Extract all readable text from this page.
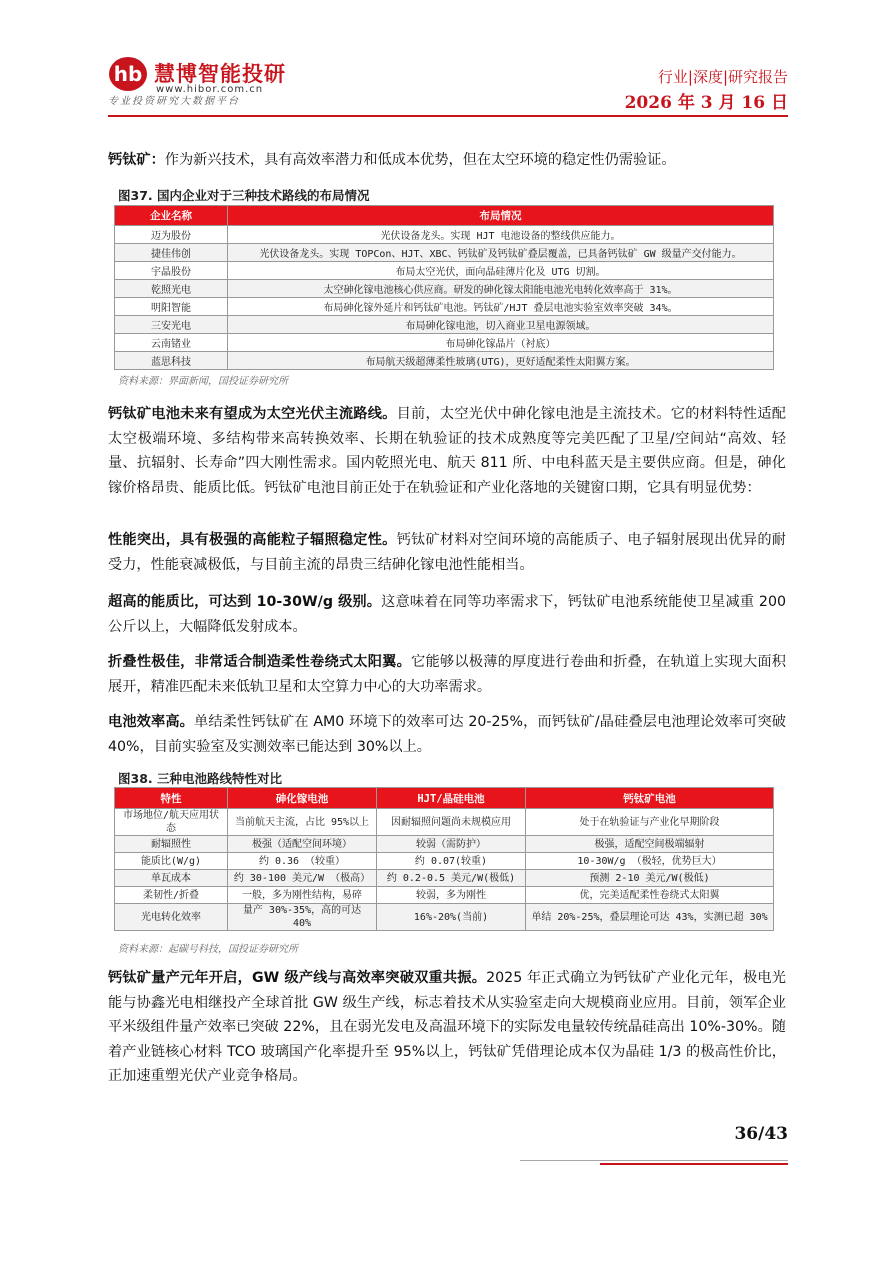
hb 慧博智能投研
www.hibor.com.cn
专业投资研究大数据平台
行业|深度|研究报告
2026 年 3 月 16 日
钙钛矿：作为新兴技术，具有高效率潜力和低成本优势，但在太空环境的稳定性仍需验证。
图37. 国内企业对于三种技术路线的布局情况
企业名称	布局情况
迈为股份	光伏设备龙头。实现 HJT 电池设备的整线供应能力。
捷佳伟创	光伏设备龙头。实现 TOPCon、HJT、XBC、钙钛矿及钙钛矿叠层覆盖，已具备钙钛矿 GW 级量产交付能力。
宇晶股份	布局太空光伏，面向晶硅薄片化及 UTG 切割。
乾照光电	太空砷化镓电池核心供应商。研发的砷化镓太阳能电池光电转化效率高于 31%。
明阳智能	布局砷化镓外延片和钙钛矿电池。钙钛矿/HJT 叠层电池实验室效率突破 34%。
三安光电	布局砷化镓电池，切入商业卫星电源领域。
云南锗业	布局砷化镓晶片（衬底）
蓝思科技	布局航天级超薄柔性玻璃(UTG)，更好适配柔性太阳翼方案。
资料来源：界面新闻，国投证券研究所
钙钛矿电池未来有望成为太空光伏主流路线。目前，太空光伏中砷化镓电池是主流技术。它的材料特性适配太空极端环境、多结构带来高转换效率、长期在轨验证的技术成熟度等完美匹配了卫星/空间站“高效、轻量、抗辐射、长寿命”四大刚性需求。国内乾照光电、航天 811 所、中电科蓝天是主要供应商。但是，砷化镓价格昂贵、能质比低。钙钛矿电池目前正处于在轨验证和产业化落地的关键窗口期，它具有明显优势：
性能突出，具有极强的高能粒子辐照稳定性。钙钛矿材料对空间环境的高能质子、电子辐射展现出优异的耐受力，性能衰减极低，与目前主流的昂贵三结砷化镓电池性能相当。
超高的能质比，可达到 10-30W/g 级别。这意味着在同等功率需求下，钙钛矿电池系统能使卫星减重 200 公斤以上，大幅降低发射成本。
折叠性极佳，非常适合制造柔性卷绕式太阳翼。它能够以极薄的厚度进行卷曲和折叠，在轨道上实现大面积展开，精准匹配未来低轨卫星和太空算力中心的大功率需求。
电池效率高。单结柔性钙钛矿在 AM0 环境下的效率可达 20-25%，而钙钛矿/晶硅叠层电池理论效率可突破 40%，目前实验室及实测效率已能达到 30%以上。
图38. 三种电池路线特性对比
特性	砷化镓电池	HJT/晶硅电池	钙钛矿电池
市场地位/航天应用状态	当前航天主流，占比 95%以上	因耐辐照问题尚未规模应用	处于在轨验证与产业化早期阶段
耐辐照性	极强（适配空间环境）	较弱（需防护）	极强，适配空间极端辐射
能质比(W/g)	约 0.36 （较重）	约 0.07(较重)	10-30W/g （极轻，优势巨大）
单瓦成本	约 30-100 美元/W （极高）	约 0.2-0.5 美元/W(极低)	预测 2-10 美元/W(极低)
柔韧性/折叠	一般，多为刚性结构，易碎	较弱，多为刚性	优，完美适配柔性卷绕式太阳翼
光电转化效率	量产 30%-35%，高的可达 40%	16%-20%(当前)	单结 20%-25%，叠层理论可达 43%，实测已超 30%
资料来源：起碳号科技，国投证券研究所
钙钛矿量产元年开启，GW 级产线与高效率突破双重共振。2025 年正式确立为钙钛矿产业化元年，极电光能与协鑫光电相继投产全球首批 GW 级生产线，标志着技术从实验室走向大规模商业应用。目前，领军企业平米级组件量产效率已突破 22%，且在弱光发电及高温环境下的实际发电量较传统晶硅高出 10%-30%。随着产业链核心材料 TCO 玻璃国产化率提升至 95%以上，钙钛矿凭借理论成本仅为晶硅 1/3 的极高性价比，正加速重塑光伏产业竞争格局。
36/43
